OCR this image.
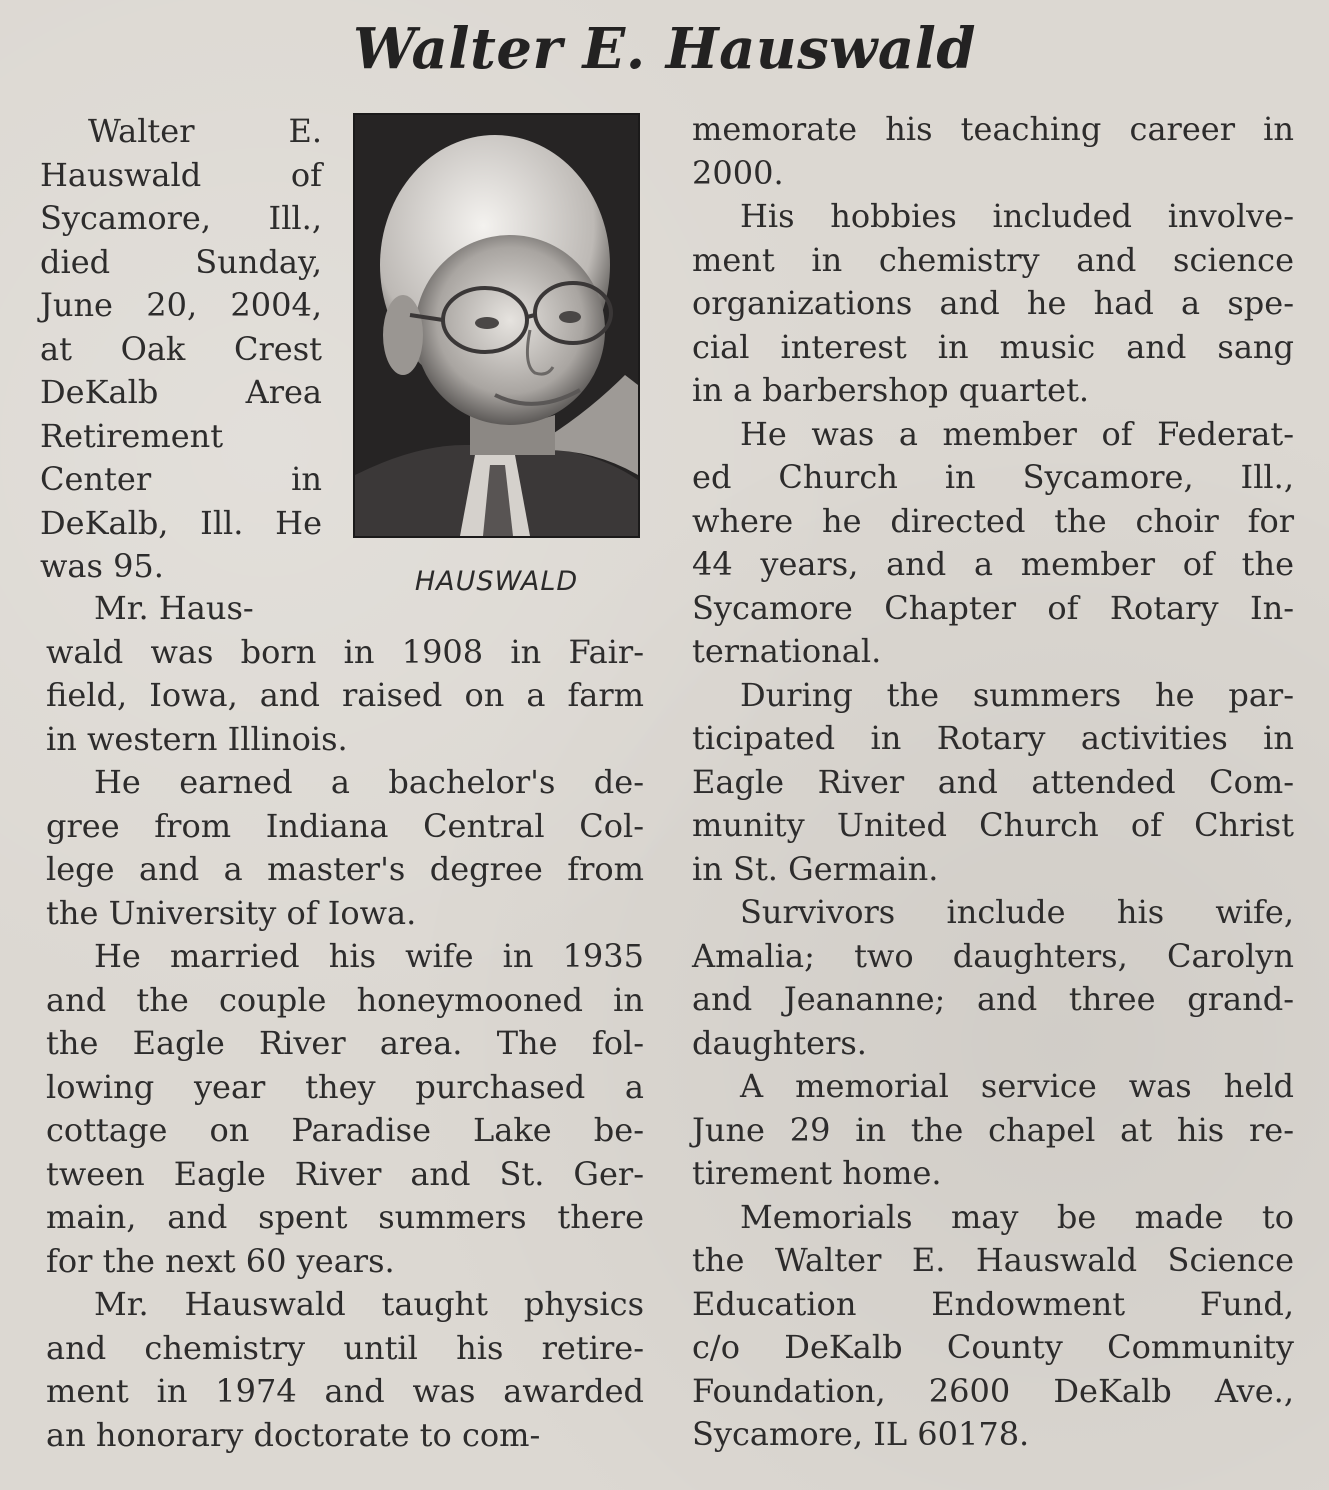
Walter E. Hauswald
Walter E.
Hauswald of
Sycamore, Ill.,
died Sunday,
June 20, 2004,
at Oak Crest
DeKalb Area
Retirement
Center in
DeKalb, Ill. He
was 95.	HAUSWALD

Mr. Haus-

wald was born in 1908 in Fair-
field, Iowa, and raised on a farm
in western Illinois.
He earned a bachelor's de-
gree from Indiana Central Col-
lege and a master's degree from
the University of Iowa.
He married his wife in 1935
and the couple honeymooned in
the Eagle River area. The fol-
lowing year they purchased a
cottage on Paradise Lake be-
tween Eagle River and St. Ger-
main, and spent summers there
for the next 60 years.
Mr. Hauswald taught physics
and chemistry until his retire-
ment in 1974 and was awarded
an honorary doctorate to com-
memorate his teaching career in
2000.
His hobbies included involve-
ment in chemistry and science
organizations and he had a spe-
cial interest in music and sang
in a barbershop quartet.
He was a member of Federat-
ed Church in Sycamore, Ill.,
where he directed the choir for
44 years, and a member of the
Sycamore Chapter of Rotary In-
ternational.
During the summers he par-
ticipated in Rotary activities in
Eagle River and attended Com-
munity United Church of Christ
in St. Germain.
Survivors include his wife,
Amalia; two daughters, Carolyn
and Jeananne; and three grand-
daughters.
A memorial service was held
June 29 in the chapel at his re-
tirement home.
Memorials may be made to
the Walter E. Hauswald Science
Education Endowment Fund,
c/o DeKalb County Community
Foundation, 2600 DeKalb Ave.,
Sycamore, IL 60178.
